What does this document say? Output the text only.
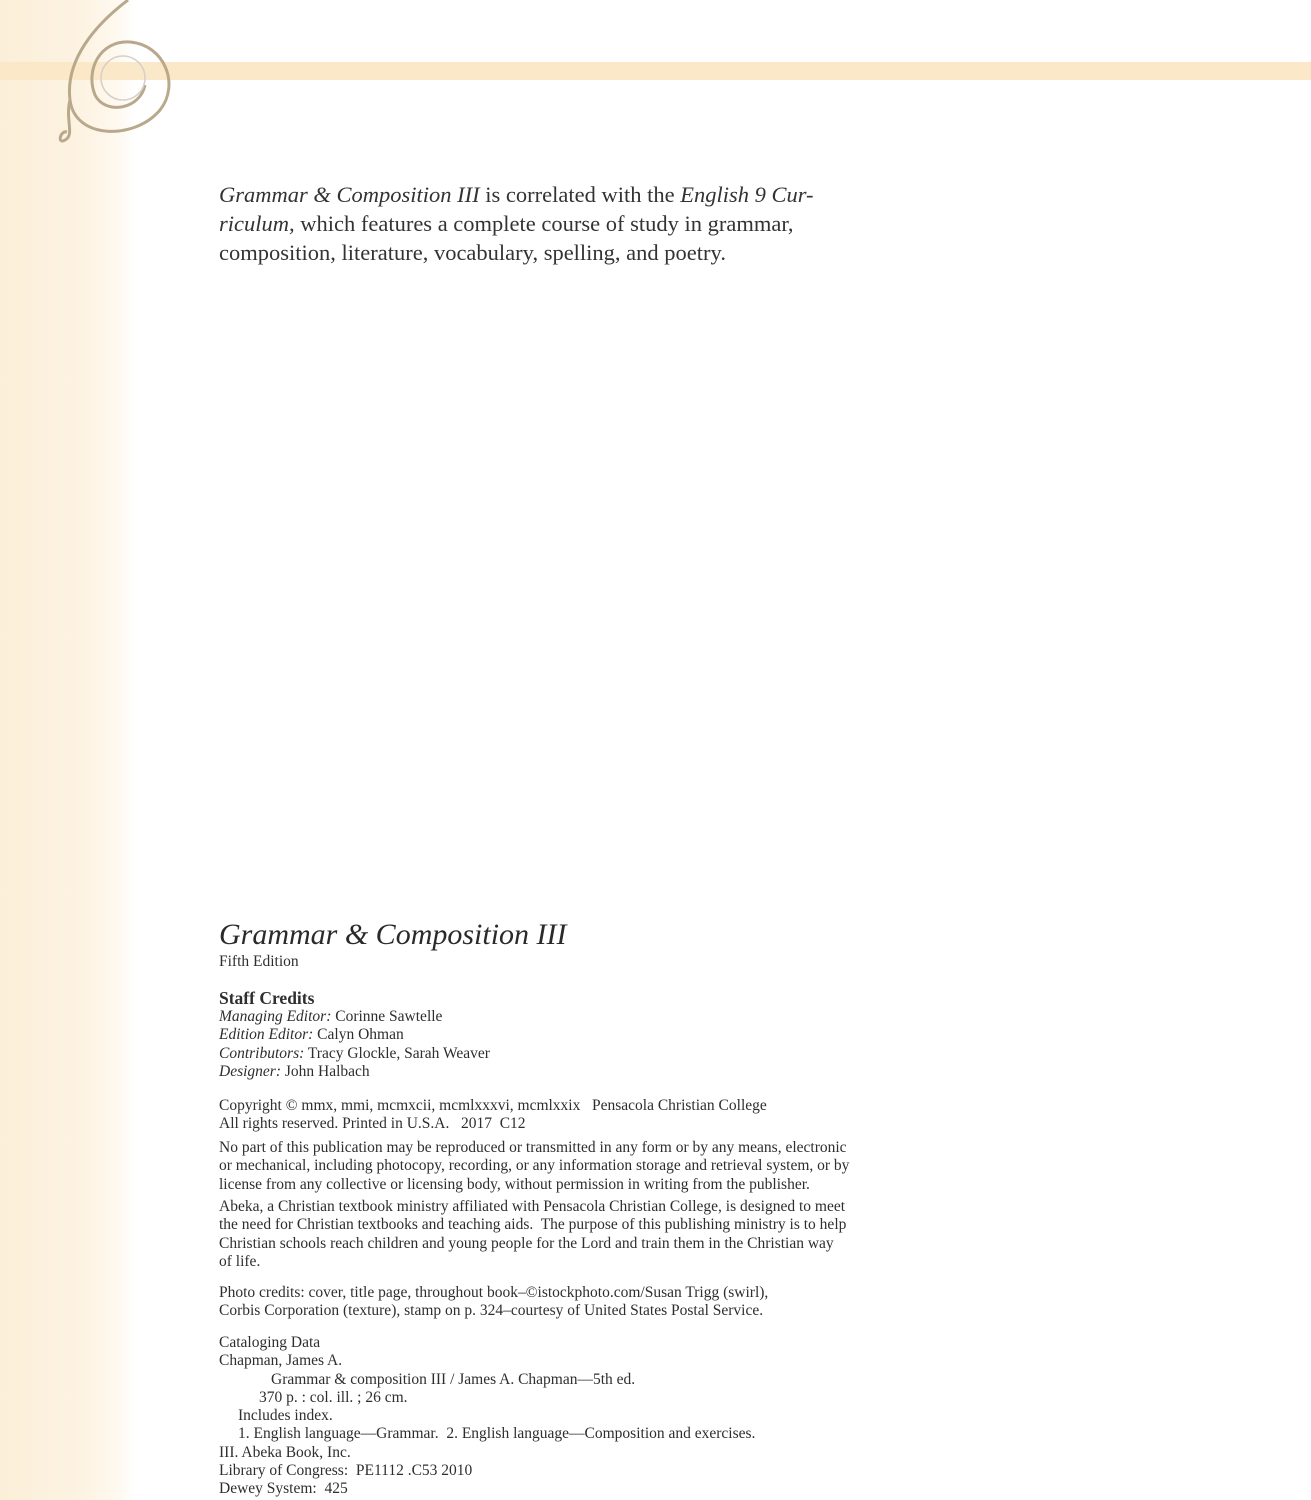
Grammar & Composition III is correlated with the English 9 Cur-
riculum, which features a complete course of study in grammar,
composition, literature, vocabulary, spelling, and poetry.
Grammar & Composition III
Fifth Edition
Staff Credits
Managing Editor: Corinne Sawtelle
Edition Editor: Calyn Ohman
Contributors: Tracy Glockle, Sarah Weaver
Designer: John Halbach
Copyright © mmx, mmi, mcmxcii, mcmlxxxvi, mcmlxxix   Pensacola Christian College
All rights reserved. Printed in U.S.A.   2017  C12
No part of this publication may be reproduced or transmitted in any form or by any means, electronic
or mechanical, including photocopy, recording, or any information storage and retrieval system, or by
license from any collective or licensing body, without permission in writing from the publisher.
Abeka, a Christian textbook ministry affiliated with Pensacola Christian College, is designed to meet
the need for Christian textbooks and teaching aids.  The purpose of this publishing ministry is to help
Christian schools reach children and young people for the Lord and train them in the Christian way
of life.
Photo credits: cover, title page, throughout book–©istockphoto.com/Susan Trigg (swirl),
Corbis Corporation (texture), stamp on p. 324–courtesy of United States Postal Service.
Cataloging Data
Chapman, James A.
Grammar & composition III / James A. Chapman—5th ed.
370 p. : col. ill. ; 26 cm.
Includes index.
1. English language—Grammar.  2. English language—Composition and exercises.
III. Abeka Book, Inc.
Library of Congress:  PE1112 .C53 2010
Dewey System:  425
